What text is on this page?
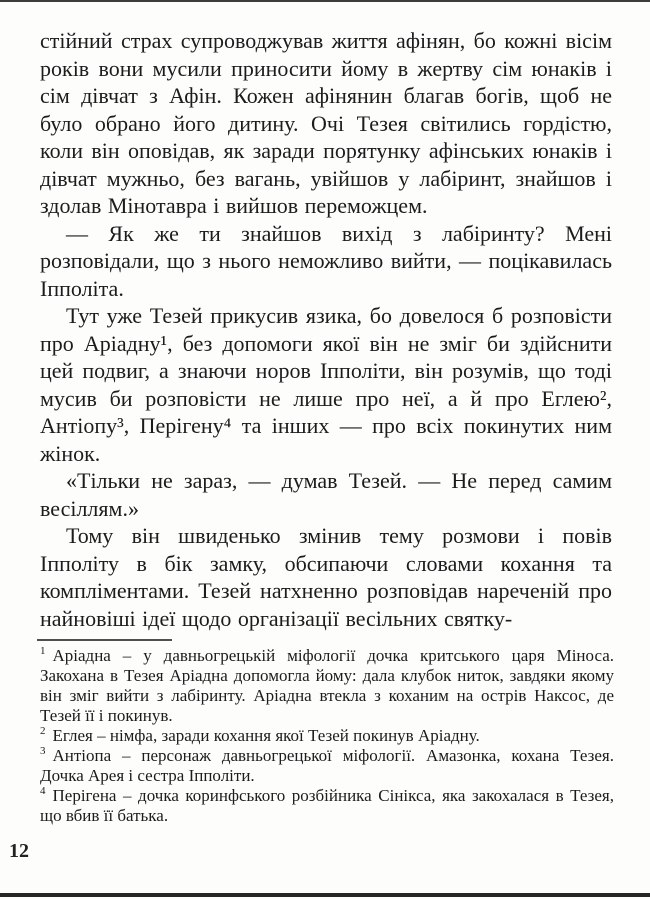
стійний страх супроводжував життя афінян, бо кожні вісім років вони мусили приносити йому в жертву сім юнаків і сім дівчат з Афін. Кожен афінянин благав богів, щоб не було обрано його дитину. Очі Тезея світились гордістю, коли він оповідав, як заради порятунку афінських юнаків і дівчат мужньо, без вагань, увійшов у лабіринт, знайшов і здолав Мінотавра і вийшов переможцем.

— Як же ти знайшов вихід з лабіринту? Мені розповідали, що з нього неможливо вийти, — поцікавилась Іпполіта.

Тут уже Тезей прикусив язика, бо довелося б розповісти про Аріадну¹, без допомоги якої він не зміг би здійснити цей подвиг, а знаючи норов Іпполіти, він розумів, що тоді мусив би розповісти не лише про неї, а й про Еглею², Антіопу³, Перігену⁴ та інших — про всіх покинутих ним жінок.

«Тільки не зараз, — думав Тезей. — Не перед самим весіллям.»

Тому він швиденько змінив тему розмови і повів Іпполіту в бік замку, обсипаючи словами кохання та компліментами. Тезей натхненно розповідав нареченій про найновіші ідеї щодо організації весільних святку-

$^1$ Аріадна – у давньогрецькій міфології дочка критського царя Міноса. Закохана в Тезея Аріадна допомогла йому: дала клубок ниток, завдяки якому він зміг вийти з лабіринту. Аріадна втекла з коханим на острів Наксос, де Тезей її і покинув.

$^2$ Еглея – німфа, заради кохання якої Тезей покинув Аріадну.

$^3$ Антіопа – персонаж давньогрецької міфології. Амазонка, кохана Тезея. Дочка Арея і сестра Іпполіти.

$^4$ Перігена – дочка коринфського розбійника Сінікса, яка закохалася в Тезея, що вбив її батька.

12
